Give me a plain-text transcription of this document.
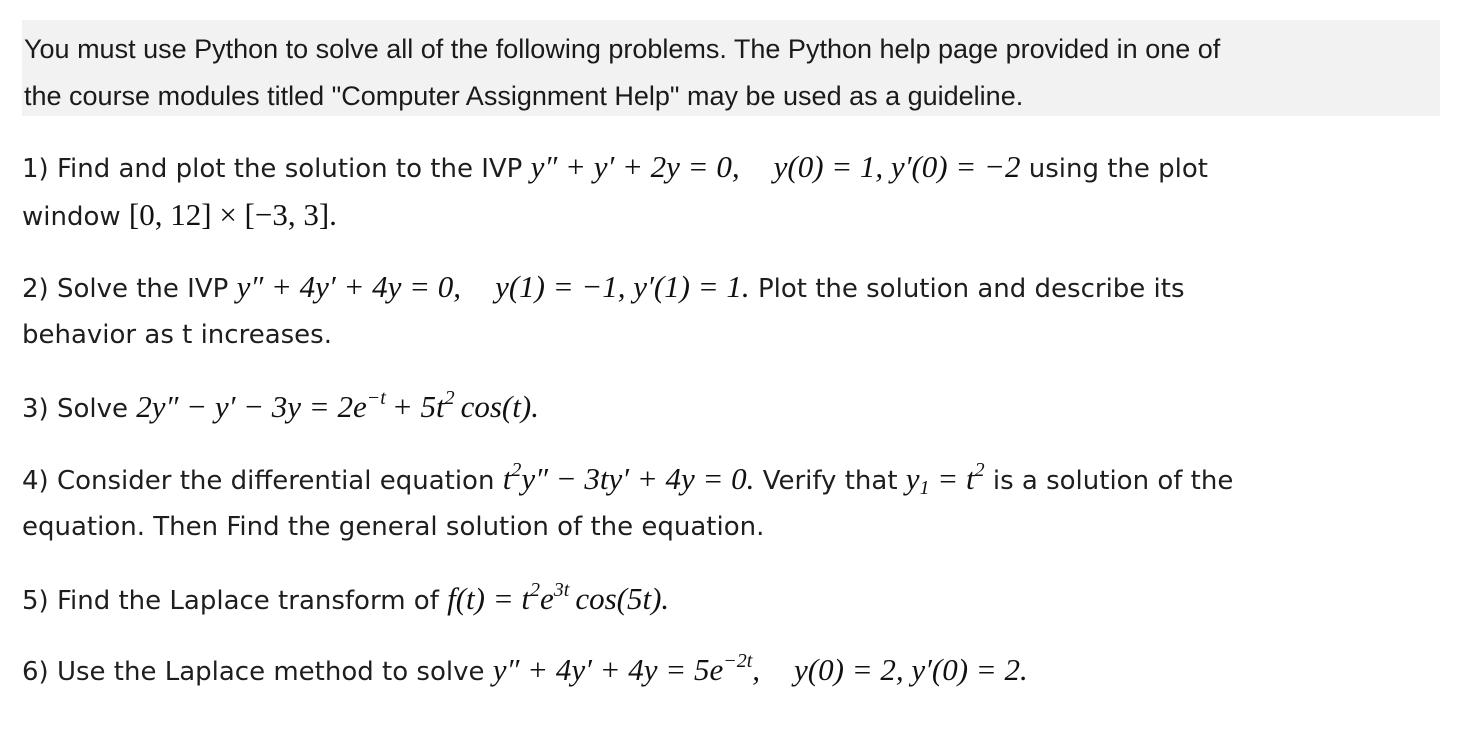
You must use Python to solve all of the following problems. The Python help page provided in one of
the course modules titled "Computer Assignment Help" may be used as a guideline.
1) Find and plot the solution to the IVP y″ + y′ + 2y = 0, y(0) = 1, y′(0) = −2 using the plot
window [0, 12] × [−3, 3].
2) Solve the IVP y″ + 4y′ + 4y = 0, y(1) = −1, y′(1) = 1. Plot the solution and describe its
behavior as t increases.
3) Solve $2y'' - y' - 3y = 2e^{-t} + 5t^2$ cos(t).
4) Consider the differential equation $t^2y'' - 3ty' + 4y = 0$. Verify that $y_1 = t^2$ is a solution of the
equation. Then Find the general solution of the equation.
5) Find the Laplace transform of $f(t) = t^2e^{3t}$ cos(5t).
6) Use the Laplace method to solve $y'' + 4y' + 4y = 5e^{-2t}$, y(0) = 2, y′(0) = 2.
